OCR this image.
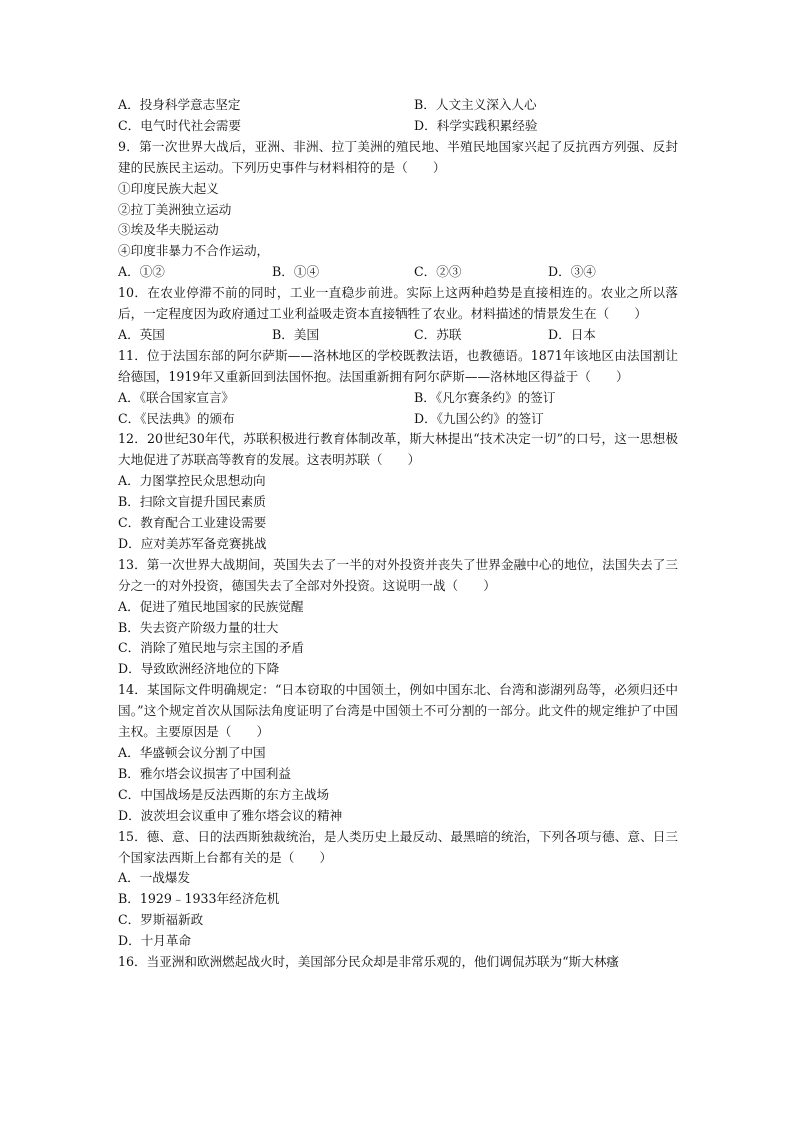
A．投身科学意志坚定	B．人文主义深入人心
C．电气时代社会需要	D．科学实践积累经验
9．第一次世界大战后，亚洲、非洲、拉丁美洲的殖民地、半殖民地国家兴起了反抗西方列强、反封建的民族民主运动。下列历史事件与材料相符的是（　　）
①印度民族大起义
②拉丁美洲独立运动
③埃及华夫脱运动
④印度非暴力不合作运动，
A．①②	B．①④	C．②③	D．③④
10．在农业停滞不前的同时，工业一直稳步前进。实际上这两种趋势是直接相连的。农业之所以落后，一定程度因为政府通过工业利益吸走资本直接牺牲了农业。材料描述的情景发生在（　　）
A．英国	B．美国	C．苏联	D．日本
11．位于法国东部的阿尔萨斯——洛林地区的学校既教法语，也教德语。1871年该地区由法国割让给德国，1919年又重新回到法国怀抱。法国重新拥有阿尔萨斯——洛林地区得益于（　　）
A．《联合国家宣言》	B．《凡尔赛条约》的签订
C．《民法典》的颁布	D．《九国公约》的签订
12．20世纪30年代，苏联积极进行教育体制改革，斯大林提出“技术决定一切”的口号，这一思想极大地促进了苏联高等教育的发展。这表明苏联（　　）
A．力图掌控民众思想动向
B．扫除文盲提升国民素质
C．教育配合工业建设需要
D．应对美苏军备竞赛挑战
13．第一次世界大战期间，英国失去了一半的对外投资并丧失了世界金融中心的地位，法国失去了三分之一的对外投资，德国失去了全部对外投资。这说明一战（　　）
A．促进了殖民地国家的民族觉醒
B．失去资产阶级力量的壮大
C．消除了殖民地与宗主国的矛盾
D．导致欧洲经济地位的下降
14．某国际文件明确规定：“日本窃取的中国领土，例如中国东北、台湾和澎湖列岛等，必须归还中国。”这个规定首次从国际法角度证明了台湾是中国领土不可分割的一部分。此文件的规定维护了中国主权。主要原因是（　　）
A．华盛顿会议分割了中国
B．雅尔塔会议损害了中国利益
C．中国战场是反法西斯的东方主战场
D．波茨坦会议重申了雅尔塔会议的精神
15．德、意、日的法西斯独裁统治，是人类历史上最反动、最黑暗的统治，下列各项与德、意、日三个国家法西斯上台都有关的是（　　）
A．一战爆发
B．1929﹣1933年经济危机
C．罗斯福新政
D．十月革命
16．当亚洲和欧洲燃起战火时，美国部分民众却是非常乐观的，他们调侃苏联为“斯大林瘙
